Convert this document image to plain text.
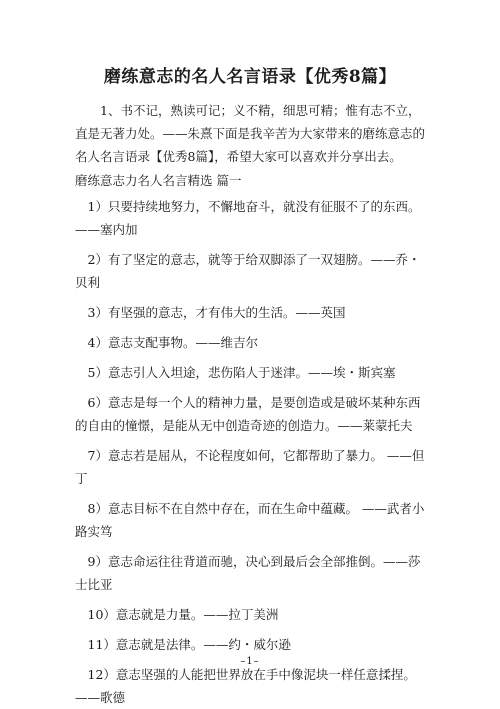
磨练意志的名人名言语录【优秀8篇】

1、书不记，熟读可记；义不精，细思可精；惟有志不立，直是无著力处。——朱熹下面是我辛苦为大家带来的磨练意志的名人名言语录【优秀8篇】，希望大家可以喜欢并分享出去。

磨练意志力名人名言精选 篇一

1）只要持续地努力，不懈地奋斗，就没有征服不了的东西。 ——塞内加

2）有了坚定的意志，就等于给双脚添了一双翅膀。——乔・贝利

3）有坚强的意志，才有伟大的生活。——英国

4）意志支配事物。——维吉尔

5）意志引人入坦途，悲伤陷人于迷津。——埃・斯宾塞

6）意志是每一个人的精神力量，是要创造或是破坏某种东西的自由的憧憬，是能从无中创造奇迹的创造力。——莱蒙托夫

7）意志若是屈从，不论程度如何，它都帮助了暴力。 ——但丁

8）意志目标不在自然中存在，而在生命中蕴藏。 ——武者小路实笃

9）意志命运往往背道而驰，决心到最后会全部推倒。——莎士比亚

10）意志就是力量。——拉丁美洲

11）意志就是法律。——约・威尔逊

12）意志坚强的人能把世界放在手中像泥块一样任意揉捏。——歌德

–1–
